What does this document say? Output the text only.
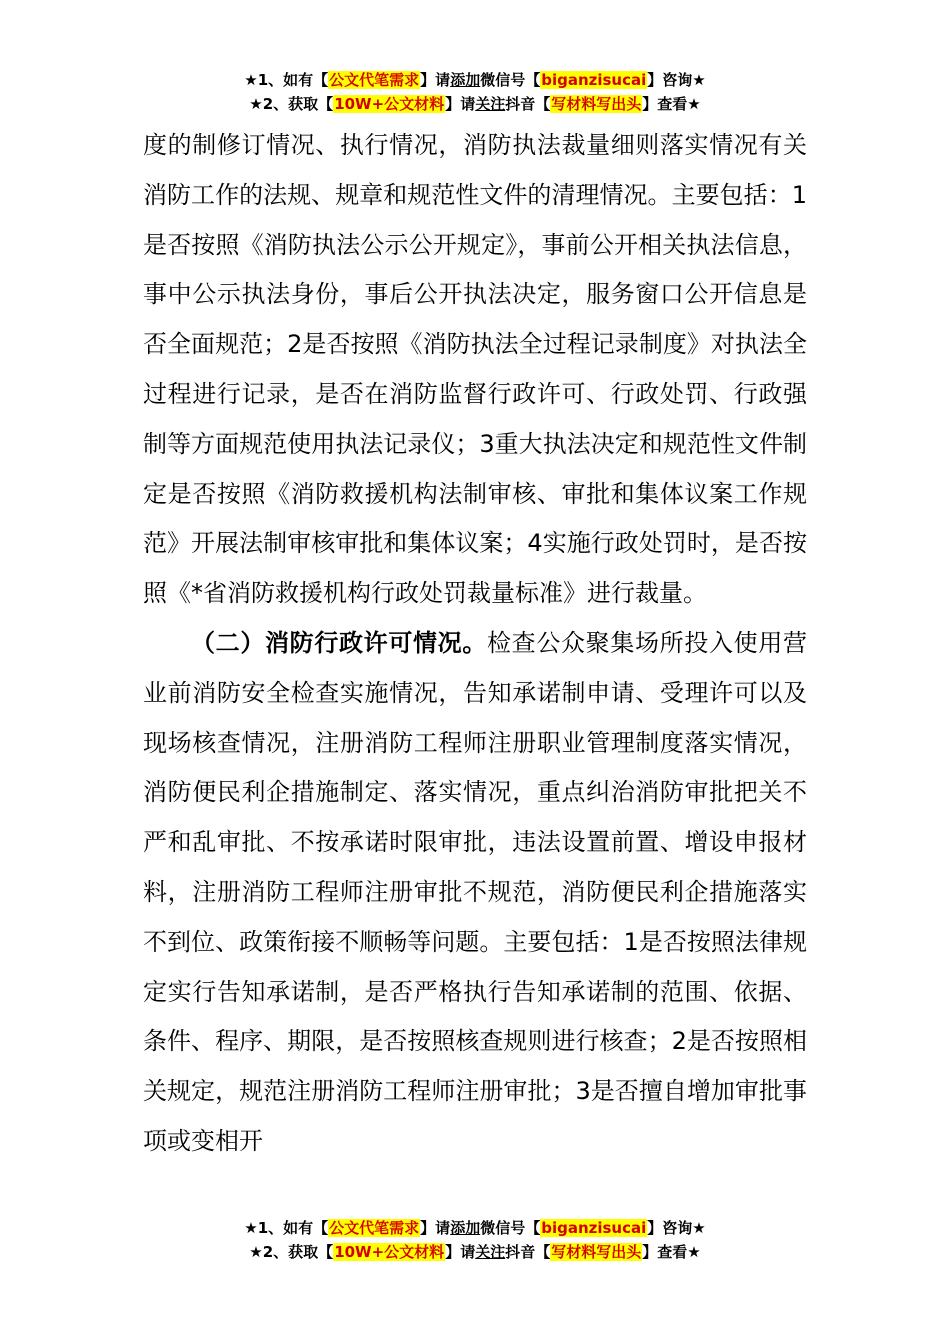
★1、如有【公文代笔需求】请添加微信号【biganzisucai】咨询★
★2、获取【10W+公文材料】请关注抖音【写材料写出头】查看★

度的制修订情况、执行情况，消防执法裁量细则落实情况有关消防工作的法规、规章和规范性文件的清理情况。主要包括：1是否按照《消防执法公示公开规定》，事前公开相关执法信息，事中公示执法身份，事后公开执法决定，服务窗口公开信息是否全面规范；2是否按照《消防执法全过程记录制度》对执法全过程进行记录，是否在消防监督行政许可、行政处罚、行政强制等方面规范使用执法记录仪；3重大执法决定和规范性文件制定是否按照《消防救援机构法制审核、审批和集体议案工作规范》开展法制审核审批和集体议案；4实施行政处罚时，是否按照《*省消防救援机构行政处罚裁量标准》进行裁量。

（二）消防行政许可情况。检查公众聚集场所投入使用营业前消防安全检查实施情况，告知承诺制申请、受理许可以及现场核查情况，注册消防工程师注册职业管理制度落实情况，消防便民利企措施制定、落实情况，重点纠治消防审批把关不严和乱审批、不按承诺时限审批，违法设置前置、增设申报材料，注册消防工程师注册审批不规范，消防便民利企措施落实不到位、政策衔接不顺畅等问题。主要包括：1是否按照法律规定实行告知承诺制，是否严格执行告知承诺制的范围、依据、条件、程序、期限，是否按照核查规则进行核查；2是否按照相关规定，规范注册消防工程师注册审批；3是否擅自增加审批事项或变相开

★1、如有【公文代笔需求】请添加微信号【biganzisucai】咨询★
★2、获取【10W+公文材料】请关注抖音【写材料写出头】查看★
